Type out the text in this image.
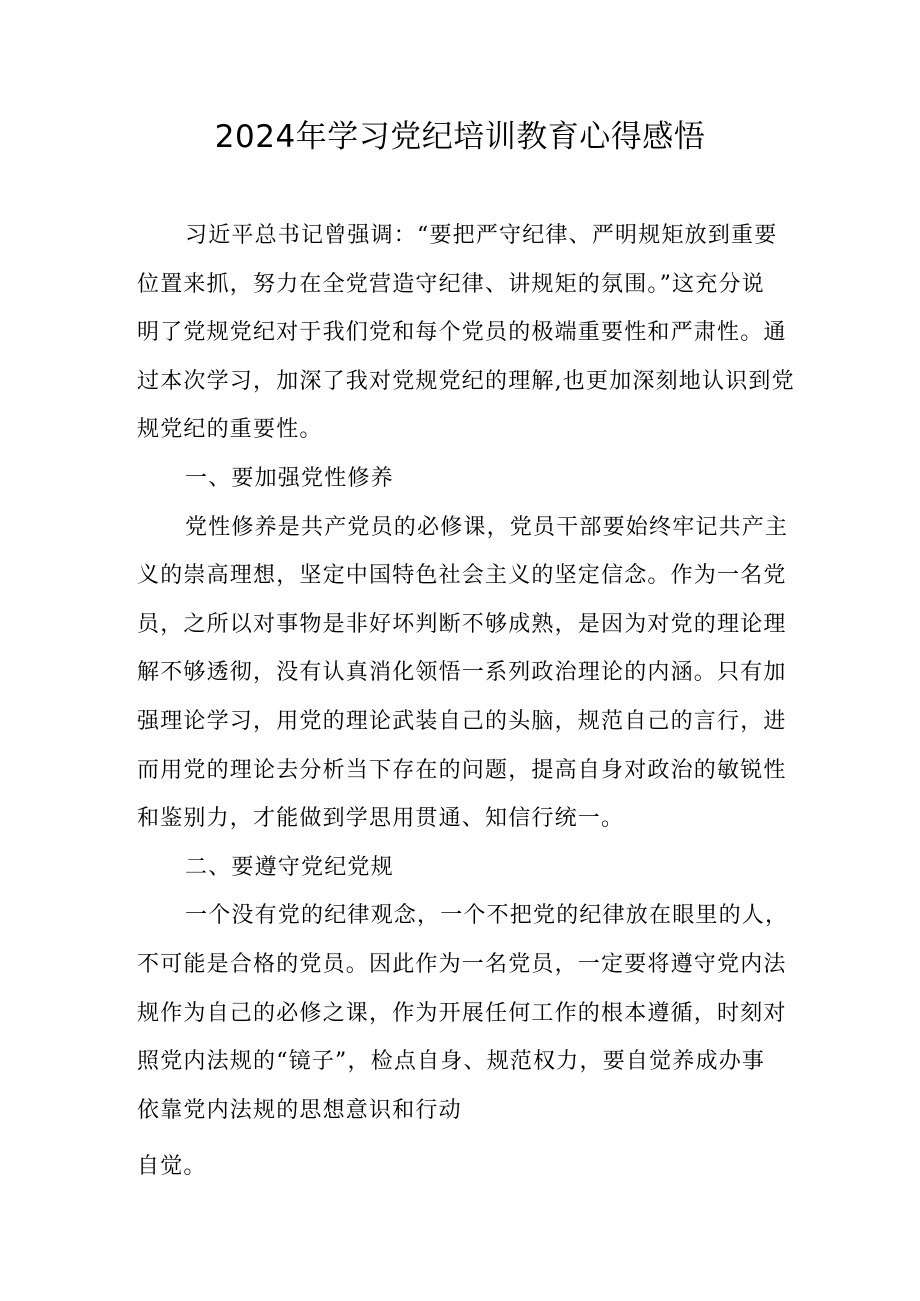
2024年学习党纪培训教育心得感悟

习近平总书记曾强调：“要把严守纪律、严明规矩放到重要
位置来抓，努力在全党营造守纪律、讲规矩的氛围。”这充分说
明了党规党纪对于我们党和每个党员的极端重要性和严肃性。通
过本次学习，加深了我对党规党纪的理解,也更加深刻地认识到党
规党纪的重要性。

一、要加强党性修养

党性修养是共产党员的必修课，党员干部要始终牢记共产主
义的崇高理想，坚定中国特色社会主义的坚定信念。作为一名党
员，之所以对事物是非好坏判断不够成熟，是因为对党的理论理
解不够透彻，没有认真消化领悟一系列政治理论的内涵。只有加
强理论学习，用党的理论武装自己的头脑，规范自己的言行，进
而用党的理论去分析当下存在的问题，提高自身对政治的敏锐性
和鉴别力，才能做到学思用贯通、知信行统一。

二、要遵守党纪党规

一个没有党的纪律观念，一个不把党的纪律放在眼里的人，
不可能是合格的党员。因此作为一名党员，一定要将遵守党内法
规作为自己的必修之课，作为开展任何工作的根本遵循，时刻对
照党内法规的“镜子”，检点自身、规范权力，要自觉养成办事
依靠党内法规的思想意识和行动

自觉。
